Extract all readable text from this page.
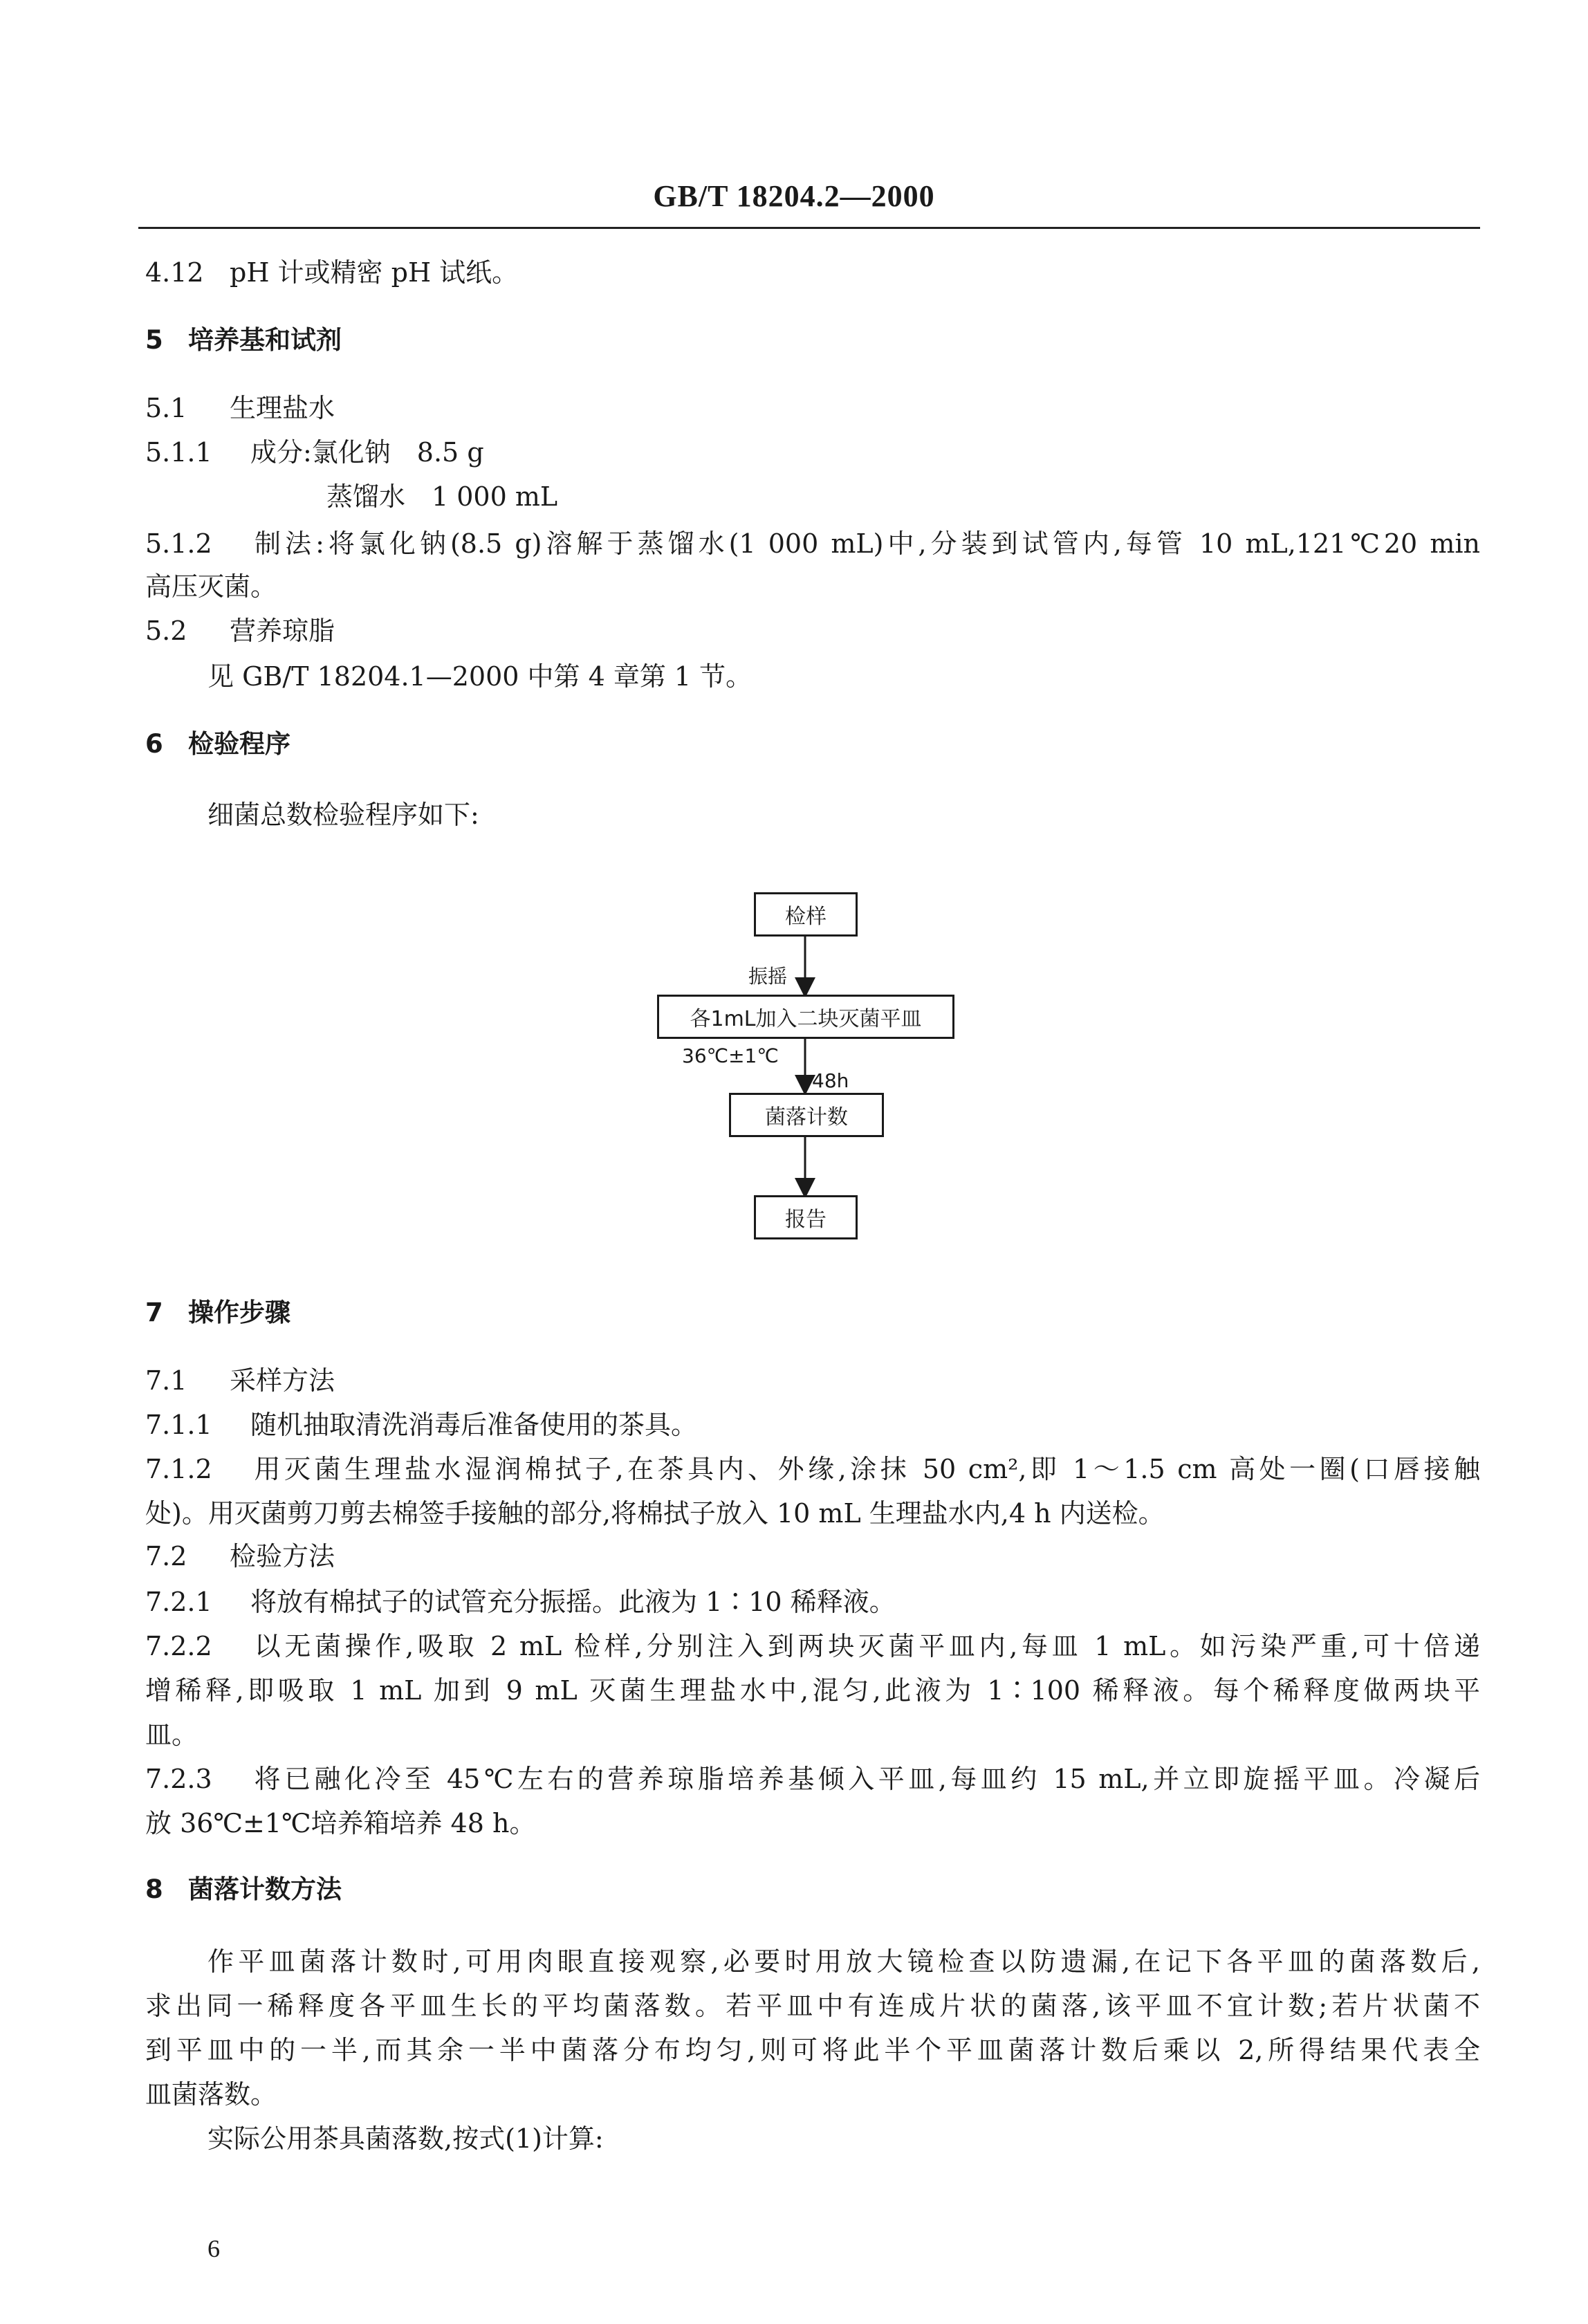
GB/T 18204.2—2000
4.12 pH 计或精密 pH 试纸。
5 培养基和试剂
5.1 生理盐水
5.1.1 成分:氯化钠　8.5 g
蒸馏水　1 000 mL
5.1.2 制法:将氯化钠(8.5 g)溶解于蒸馏水(1 000 mL)中,分装到试管内,每管 10 mL,121℃20 min
高压灭菌。
5.2 营养琼脂
见 GB/T 18204.1—2000 中第 4 章第 1 节。
6 检验程序
细菌总数检验程序如下:
检样
振摇
各1mL加入二块灭菌平皿
36℃±1℃
48h
菌落计数
报告
7 操作步骤
7.1 采样方法
7.1.1 随机抽取清洗消毒后准备使用的茶具。
7.1.2 用灭菌生理盐水湿润棉拭子,在茶具内、外缘,涂抹 50 cm²,即 1～1.5 cm 高处一圈(口唇接触
处)。用灭菌剪刀剪去棉签手接触的部分,将棉拭子放入 10 mL 生理盐水内,4 h 内送检。
7.2 检验方法
7.2.1 将放有棉拭子的试管充分振摇。此液为 1∶10 稀释液。
7.2.2 以无菌操作,吸取 2 mL 检样,分别注入到两块灭菌平皿内,每皿 1 mL。如污染严重,可十倍递
增稀释,即吸取 1 mL 加到 9 mL 灭菌生理盐水中,混匀,此液为 1∶100 稀释液。每个稀释度做两块平
皿。
7.2.3 将已融化冷至 45℃左右的营养琼脂培养基倾入平皿,每皿约 15 mL,并立即旋摇平皿。冷凝后
放 36℃±1℃培养箱培养 48 h。
8 菌落计数方法
作平皿菌落计数时,可用肉眼直接观察,必要时用放大镜检查以防遗漏,在记下各平皿的菌落数后,
求出同一稀释度各平皿生长的平均菌落数。若平皿中有连成片状的菌落,该平皿不宜计数;若片状菌不
到平皿中的一半,而其余一半中菌落分布均匀,则可将此半个平皿菌落计数后乘以 2,所得结果代表全
皿菌落数。
实际公用茶具菌落数,按式(1)计算:
6
